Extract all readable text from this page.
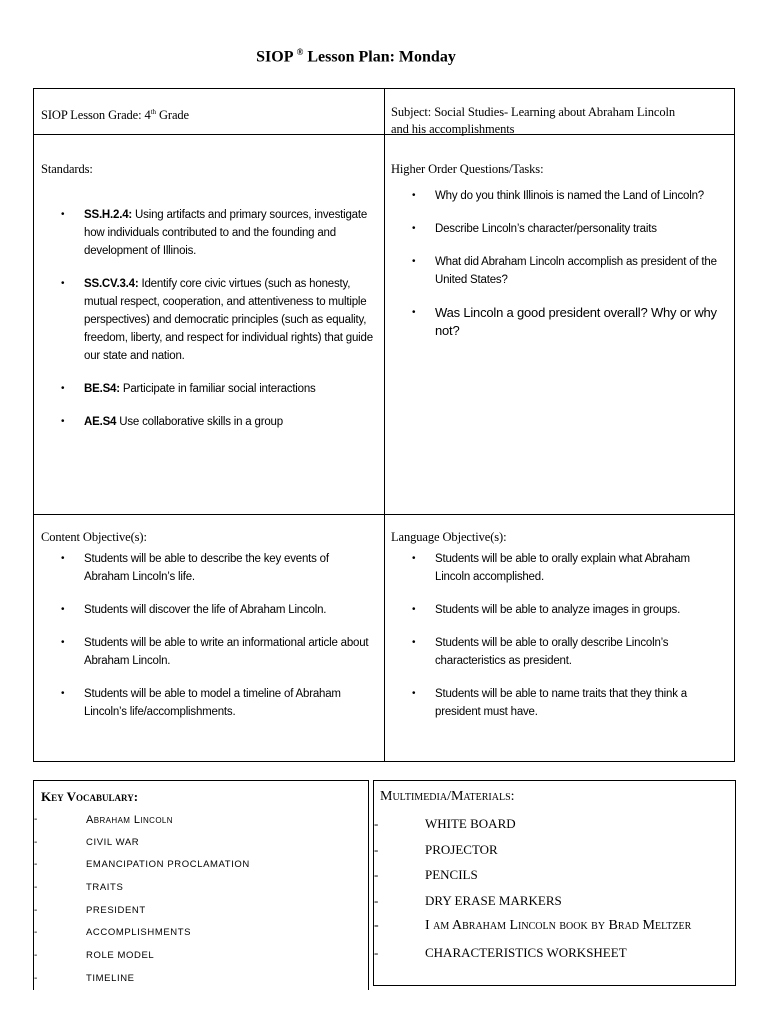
SIOP ® Lesson Plan: Monday
SIOP Lesson Grade: 4th Grade	Subject: Social Studies- Learning about Abraham Lincoln
and his accomplishments
Standards:
• SS.H.2.4: Using artifacts and primary sources, investigate how individuals contributed to and the founding and development of Illinois.
• SS.CV.3.4: Identify core civic virtues (such as honesty, mutual respect, cooperation, and attentiveness to multiple perspectives) and democratic principles (such as equality, freedom, liberty, and respect for individual rights) that guide our state and nation.
• BE.S4: Participate in familiar social interactions
• AE.S4 Use collaborative skills in a group
Higher Order Questions/Tasks:
• Why do you think Illinois is named the Land of Lincoln?
• Describe Lincoln’s character/personality traits
• What did Abraham Lincoln accomplish as president of the United States?
• Was Lincoln a good president overall? Why or why not?
Content Objective(s):
• Students will be able to describe the key events of Abraham Lincoln’s life.
• Students will discover the life of Abraham Lincoln.
• Students will be able to write an informational article about Abraham Lincoln.
• Students will be able to model a timeline of Abraham Lincoln’s life/accomplishments.
Language Objective(s):
• Students will be able to orally explain what Abraham Lincoln accomplished.
• Students will be able to analyze images in groups.
• Students will be able to orally describe Lincoln’s characteristics as president.
• Students will be able to name traits that they think a president must have.
Key Vocabulary:
-	Abraham Lincoln
-	CIVIL WAR
-	EMANCIPATION PROCLAMATION
-	TRAITS
-	PRESIDENT
-	ACCOMPLISHMENTS
-	ROLE MODEL
-	TIMELINE
Multimedia/Materials:
-	WHITE BOARD
-	PROJECTOR
-	PENCILS
-	DRY ERASE MARKERS
-	I am Abraham Lincoln book by Brad Meltzer
-	CHARACTERISTICS WORKSHEET
